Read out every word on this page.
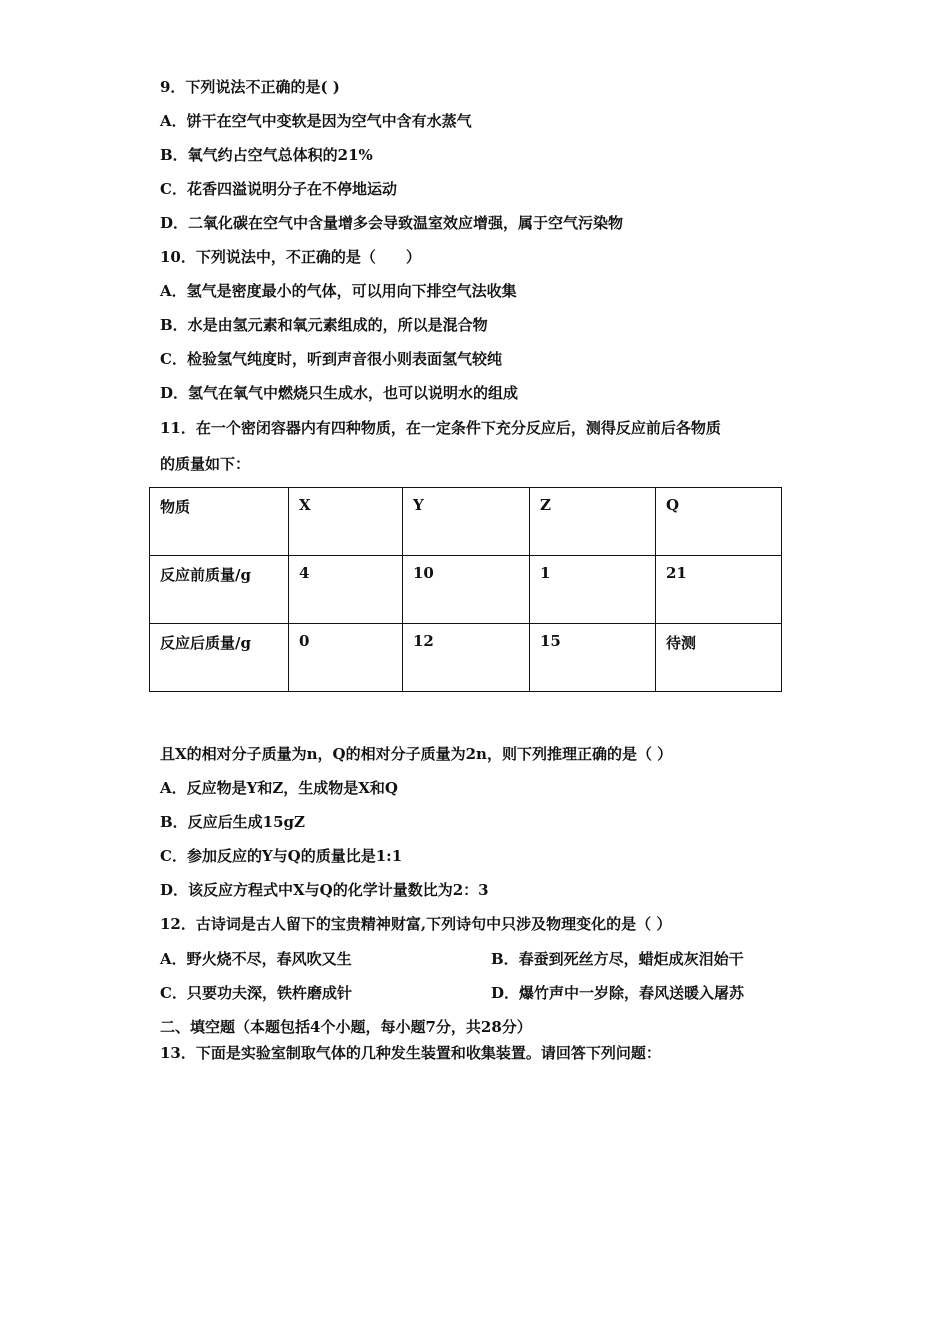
9．下列说法不正确的是( )
A．饼干在空气中变软是因为空气中含有水蒸气
B．氧气约占空气总体积的21%
C．花香四溢说明分子在不停地运动
D．二氧化碳在空气中含量增多会导致温室效应增强，属于空气污染物
10．下列说法中，不正确的是（　　）
A．氢气是密度最小的气体，可以用向下排空气法收集
B．水是由氢元素和氧元素组成的，所以是混合物
C．检验氢气纯度时，听到声音很小则表面氢气较纯
D．氢气在氧气中燃烧只生成水，也可以说明水的组成
11．在一个密闭容器内有四种物质，在一定条件下充分反应后，测得反应前后各物质
的质量如下：
物质	X	Y	Z	Q
反应前质量/g	4	10	1	21
反应后质量/g	0	12	15	待测
且X的相对分子质量为n，Q的相对分子质量为2n，则下列推理正确的是（ ）
A．反应物是Y和Z，生成物是X和Q
B．反应后生成15gZ
C．参加反应的Y与Q的质量比是1:1
D．该反应方程式中X与Q的化学计量数比为2：3
12．古诗词是古人留下的宝贵精神财富,下列诗句中只涉及物理变化的是（ ）
A．野火烧不尽，春风吹又生	B．春蚕到死丝方尽，蜡炬成灰泪始干
C．只要功夫深，铁杵磨成针	D．爆竹声中一岁除，春风送暖入屠苏
二、填空题（本题包括4个小题，每小题7分，共28分）
13．下面是实验室制取气体的几种发生装置和收集装置。请回答下列问题：
